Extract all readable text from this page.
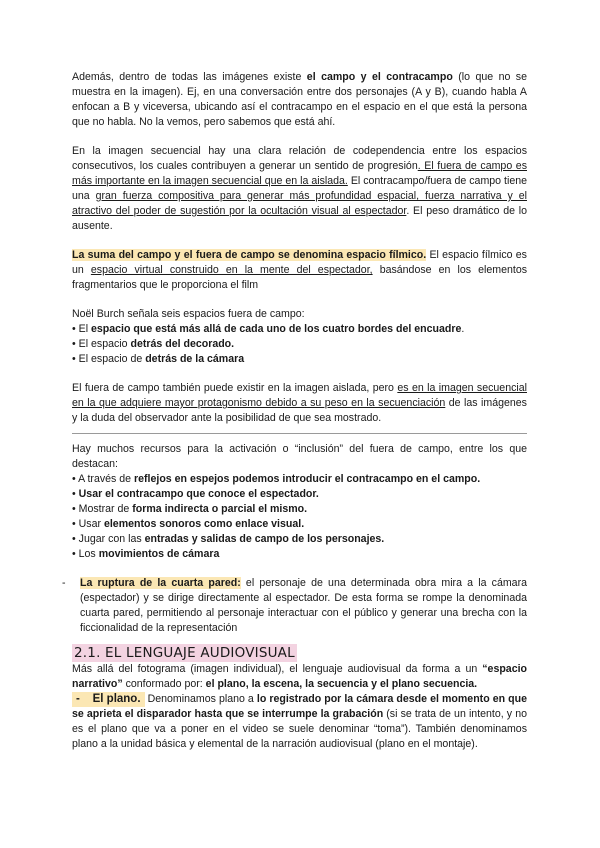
Además, dentro de todas las imágenes existe el campo y el contracampo (lo que no se muestra en la imagen). Ej, en una conversación entre dos personajes (A y B), cuando habla A enfocan a B y viceversa, ubicando así el contracampo en el espacio en el que está la persona que no habla. No la vemos, pero sabemos que está ahí.

En la imagen secuencial hay una clara relación de codependencia entre los espacios consecutivos, los cuales contribuyen a generar un sentido de progresión. El fuera de campo es más importante en la imagen secuencial que en la aislada. El contracampo/fuera de campo tiene una gran fuerza compositiva para generar más profundidad espacial, fuerza narrativa y el atractivo del poder de sugestión por la ocultación visual al espectador. El peso dramático de lo ausente.

La suma del campo y el fuera de campo se denomina espacio fílmico. El espacio fílmico es un espacio virtual construido en la mente del espectador, basándose en los elementos fragmentarios que le proporciona el film

Noël Burch señala seis espacios fuera de campo:

• El espacio que está más allá de cada uno de los cuatro bordes del encuadre.
• El espacio detrás del decorado.
• El espacio de detrás de la cámara

El fuera de campo también puede existir en la imagen aislada, pero es en la imagen secuencial en la que adquiere mayor protagonismo debido a su peso en la secuenciación de las imágenes y la duda del observador ante la posibilidad de que sea mostrado.

Hay muchos recursos para la activación o “inclusión” del fuera de campo, entre los que destacan:

• A través de reflejos en espejos podemos introducir el contracampo en el campo.
• Usar el contracampo que conoce el espectador.
• Mostrar de forma indirecta o parcial el mismo.
• Usar elementos sonoros como enlace visual.
• Jugar con las entradas y salidas de campo de los personajes.
• Los movimientos de cámara

- La ruptura de la cuarta pared: el personaje de una determinada obra mira a la cámara (espectador) y se dirige directamente al espectador. De esta forma se rompe la denominada cuarta pared, permitiendo al personaje interactuar con el público y generar una brecha con la ficcionalidad de la representación

2.1. EL LENGUAJE AUDIOVISUAL

Más allá del fotograma (imagen individual), el lenguaje audiovisual da forma a un “espacio narrativo” conformado por: el plano, la escena, la secuencia y el plano secuencia.

-    El plano. Denominamos plano a lo registrado por la cámara desde el momento en que se aprieta el disparador hasta que se interrumpe la grabación (si se trata de un intento, y no es el plano que va a poner en el video se suele denominar “toma”). También denominamos plano a la unidad básica y elemental de la narración audiovisual (plano en el montaje).
